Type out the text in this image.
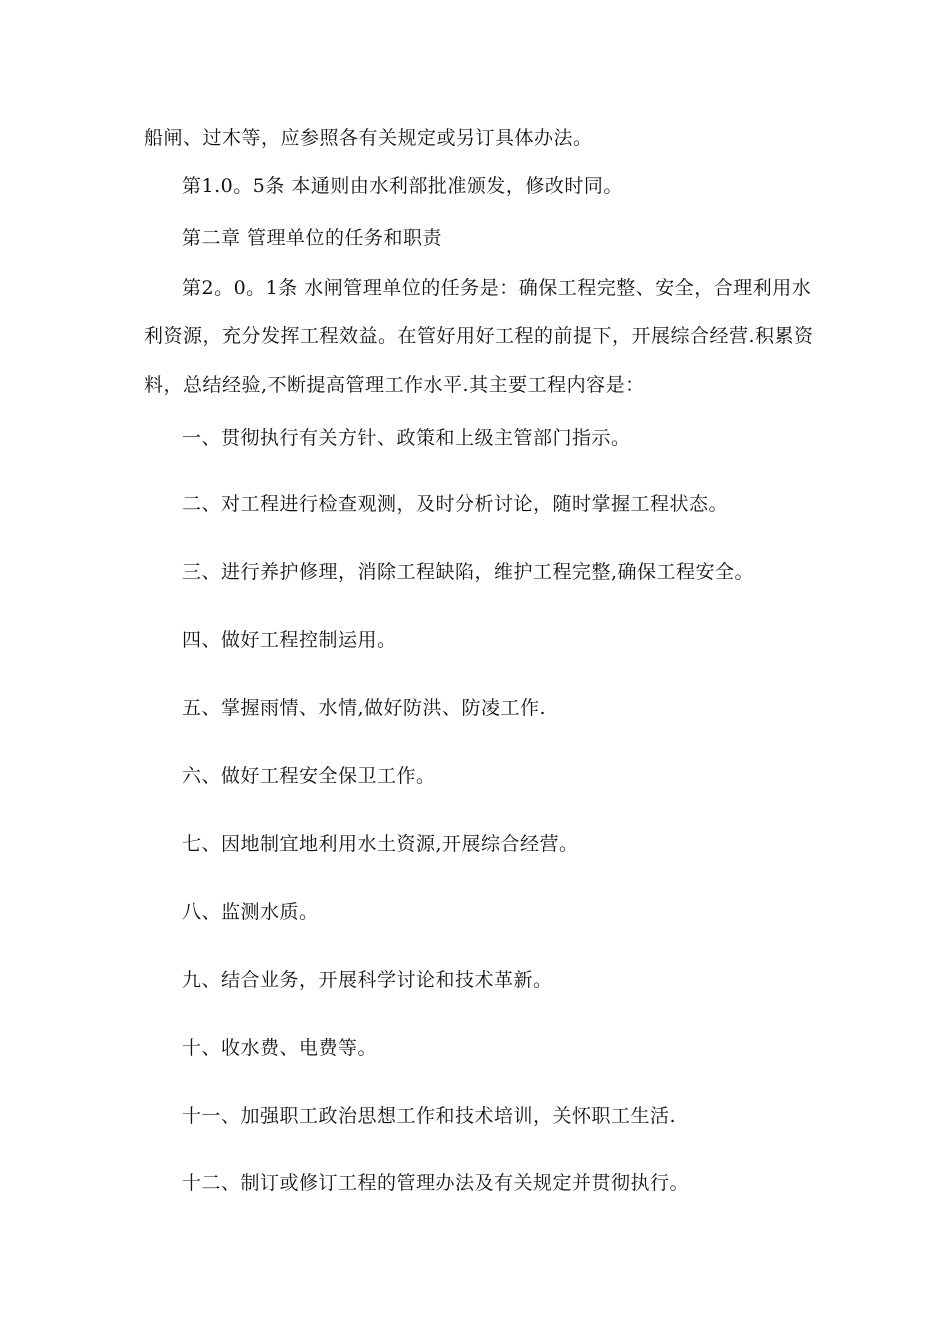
船闸、过木等，应参照各有关规定或另订具体办法。
第1.0。5条 本通则由水利部批准颁发，修改时同。
第二章 管理单位的任务和职责
第2。0。1条 水闸管理单位的任务是：确保工程完整、安全，合理利用水
利资源，充分发挥工程效益。在管好用好工程的前提下，开展综合经营.积累资
料，总结经验,不断提高管理工作水平.其主要工程内容是：
一、贯彻执行有关方针、政策和上级主管部门指示。
二、对工程进行检查观测，及时分析讨论，随时掌握工程状态。
三、进行养护修理，消除工程缺陷，维护工程完整,确保工程安全。
四、做好工程控制运用。
五、掌握雨情、水情,做好防洪、防凌工作.
六、做好工程安全保卫工作。
七、因地制宜地利用水土资源,开展综合经营。
八、监测水质。
九、结合业务，开展科学讨论和技术革新。
十、收水费、电费等。
十一、加强职工政治思想工作和技术培训，关怀职工生活.
十二、制订或修订工程的管理办法及有关规定并贯彻执行。
